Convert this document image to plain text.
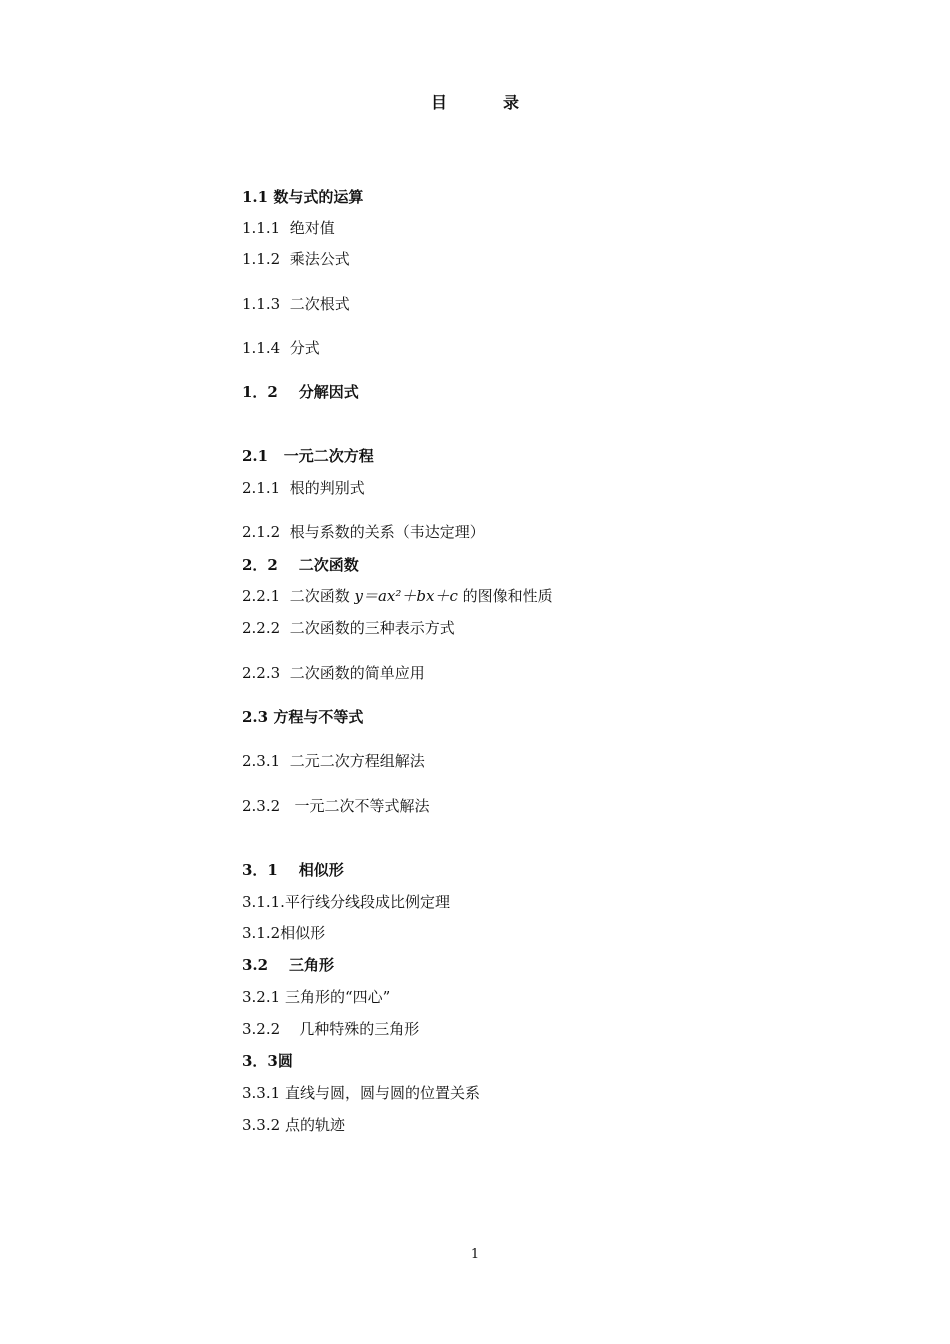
目	录
1.1 数与式的运算
1.1.1 绝对值
1.1.2 乘法公式
1.1.3 二次根式
1.1.4 分式
1．2 分解因式
2.1 一元二次方程
2.1.1 根的判别式
2.1.2 根与系数的关系（韦达定理）
2．2 二次函数
2.2.1 二次函数 y＝ax²＋bx＋c 的图像和性质
2.2.2 二次函数的三种表示方式
2.2.3 二次函数的简单应用
2.3 方程与不等式
2.3.1 二元二次方程组解法
2.3.2 一元二次不等式解法
3．1 相似形
3.1.1.平行线分线段成比例定理
3.1.2相似形
3.2 三角形
3.2.1 三角形的“四心”
3.2.2 几种特殊的三角形
3．3圆
3.3.1 直线与圆，圆与圆的位置关系
3.3.2 点的轨迹
1
